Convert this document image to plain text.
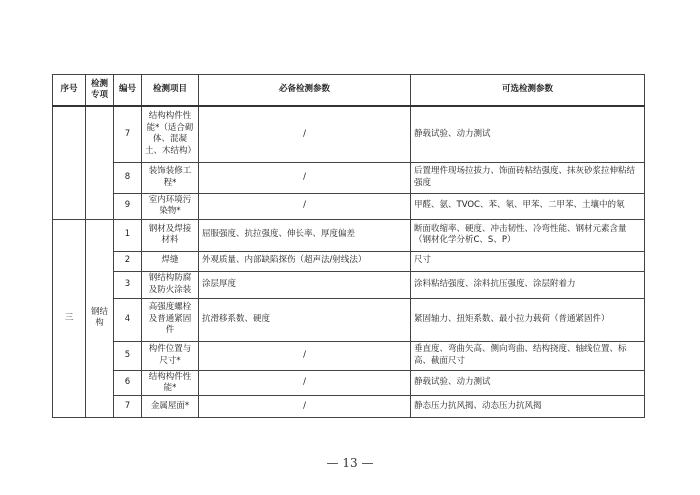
序号	检测专项	编号	检测项目	必备检测参数	可选检测参数
		7	结构构件性能*（适合砌体、混凝土、木结构）	/	静载试验、动力测试
		8	装饰装修工程*	/	后置埋件现场拉拔力、饰面砖粘结强度、抹灰砂浆拉伸粘结强度
		9	室内环境污染物*	/	甲醛、氨、TVOC、苯、氡、甲苯、二甲苯、土壤中的氡
三	钢结构	1	钢材及焊接材料	屈服强度、抗拉强度、伸长率、厚度偏差	断面收缩率、硬度、冲击韧性、冷弯性能、钢材元素含量（钢材化学分析C、S、P）
		2	焊缝	外观质量、内部缺陷探伤（超声法/射线法）	尺寸
		3	钢结构防腐及防火涂装	涂层厚度	涂料粘结强度、涂料抗压强度、涂层附着力
		4	高强度螺栓及普通紧固件	抗滑移系数、硬度	紧固轴力、扭矩系数、最小拉力载荷（普通紧固件）
		5	构件位置与尺寸*	/	垂直度、弯曲矢高、侧向弯曲、结构挠度、轴线位置、标高、截面尺寸
		6	结构构件性能*	/	静载试验、动力测试
		7	金属屋面*	/	静态压力抗风揭、动态压力抗风揭
— 13 —
